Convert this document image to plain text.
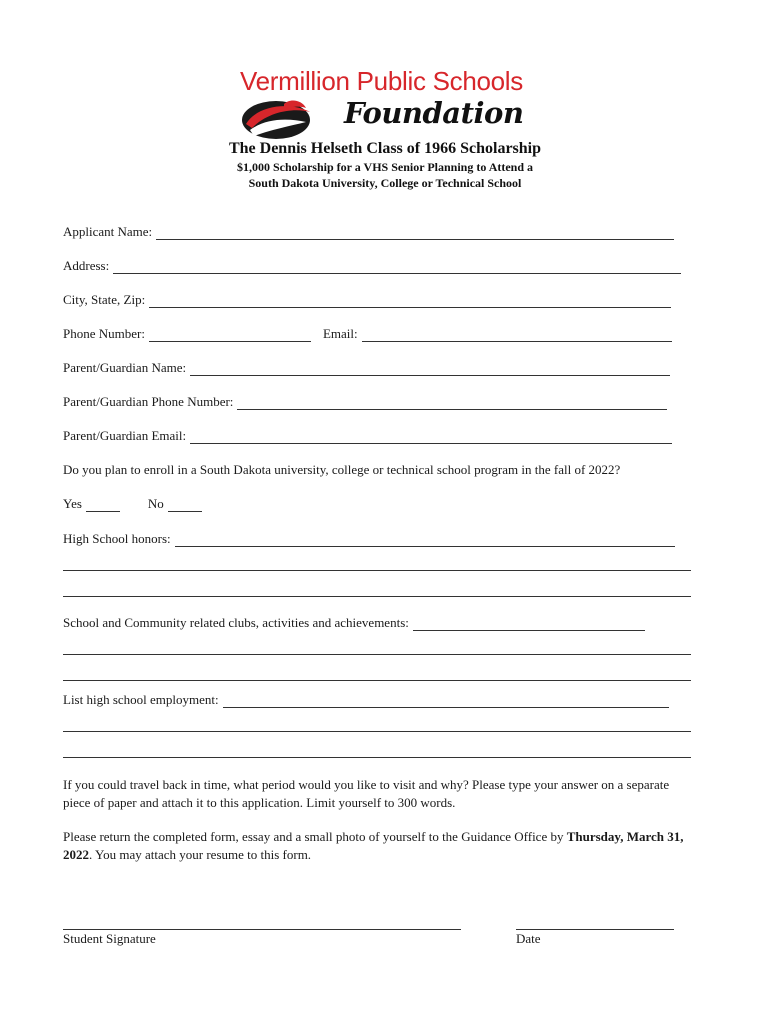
Vermillion Public Schools
Foundation
The Dennis Helseth Class of 1966 Scholarship
$1,000 Scholarship for a VHS Senior Planning to Attend a
South Dakota University, College or Technical School
Applicant Name:
Address:
City, State, Zip:
Phone Number:	Email:
Parent/Guardian Name:
Parent/Guardian Phone Number:
Parent/Guardian Email:
Do you plan to enroll in a South Dakota university, college or technical school program in the fall of 2022?
Yes	No
High School honors:
School and Community related clubs, activities and achievements:
List high school employment:
If you could travel back in time, what period would you like to visit and why? Please type your answer on a separate piece of paper and attach it to this application. Limit yourself to 300 words.
Please return the completed form, essay and a small photo of yourself to the Guidance Office by Thursday, March 31, 2022. You may attach your resume to this form.
Student Signature	Date
